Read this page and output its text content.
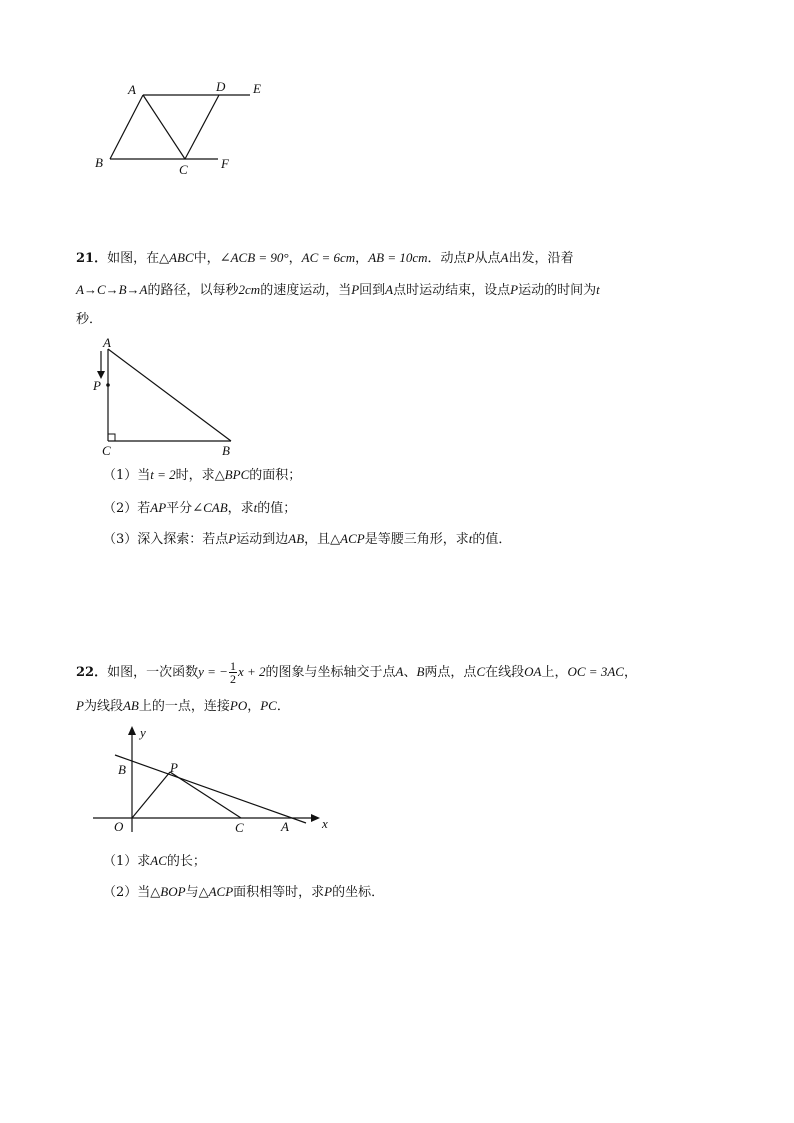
A	D E
B	C	F
21．如图，在△ABC中，∠ACB = 90°，AC = 6cm，AB = 10cm．动点P从点A出发，沿着
A→C→B→A的路径，以每秒2cm的速度运动，当P回到A点时运动结束，设点P运动的时间为t
秒．
A
P
C	B
（1）当t = 2时，求△BPC的面积；
（2）若AP平分∠CAB，求t的值；
（3）深入探索：若点P运动到边AB，且△ACP是等腰三角形，求t的值．
22．如图，一次函数y = − $\frac{1}{2}$ x + 2的图象与坐标轴交于点A、B两点，点C在线段OA上，OC = 3AC，
P为线段AB上的一点，连接PO，PC．
y
x
B	P
O	C	A
（1）求AC的长；
（2）当△BOP与△ACP面积相等时，求P的坐标．
